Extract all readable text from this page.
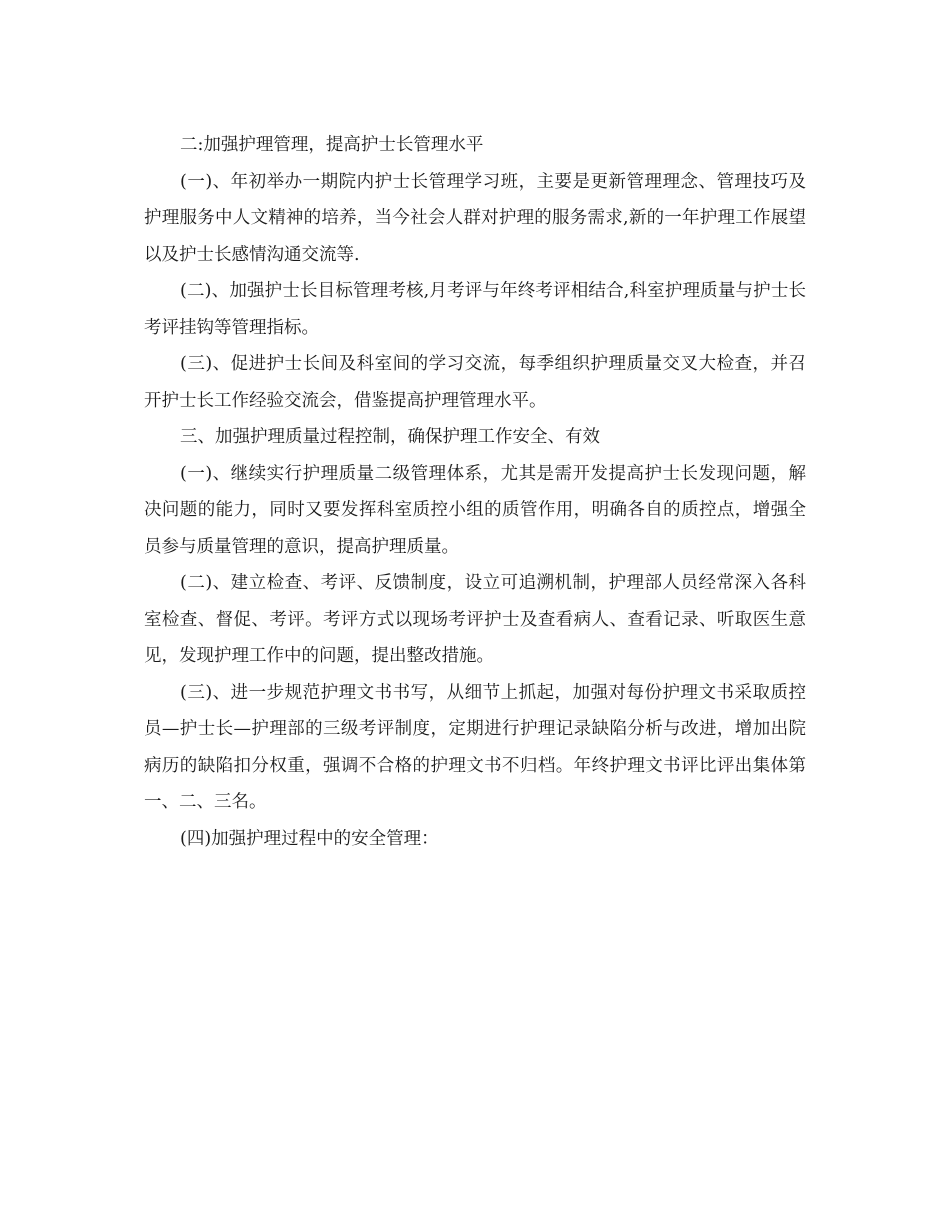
二:加强护理管理，提高护士长管理水平

(一)、年初举办一期院内护士长管理学习班，主要是更新管理理念、管理技巧及护理服务中人文精神的培养，当今社会人群对护理的服务需求,新的一年护理工作展望以及护士长感情沟通交流等.

(二)、加强护士长目标管理考核,月考评与年终考评相结合,科室护理质量与护士长考评挂钩等管理指标。

(三)、促进护士长间及科室间的学习交流，每季组织护理质量交叉大检查，并召开护士长工作经验交流会，借鉴提高护理管理水平。

三、加强护理质量过程控制，确保护理工作安全、有效

(一)、继续实行护理质量二级管理体系，尤其是需开发提高护士长发现问题，解决问题的能力，同时又要发挥科室质控小组的质管作用，明确各自的质控点，增强全员参与质量管理的意识，提高护理质量。

(二)、建立检查、考评、反馈制度，设立可追溯机制，护理部人员经常深入各科室检查、督促、考评。考评方式以现场考评护士及查看病人、查看记录、听取医生意见，发现护理工作中的问题，提出整改措施。

(三)、进一步规范护理文书书写，从细节上抓起，加强对每份护理文书采取质控员—护士长—护理部的三级考评制度，定期进行护理记录缺陷分析与改进，增加出院病历的缺陷扣分权重，强调不合格的护理文书不归档。年终护理文书评比评出集体第一、二、三名。

(四)加强护理过程中的安全管理：
